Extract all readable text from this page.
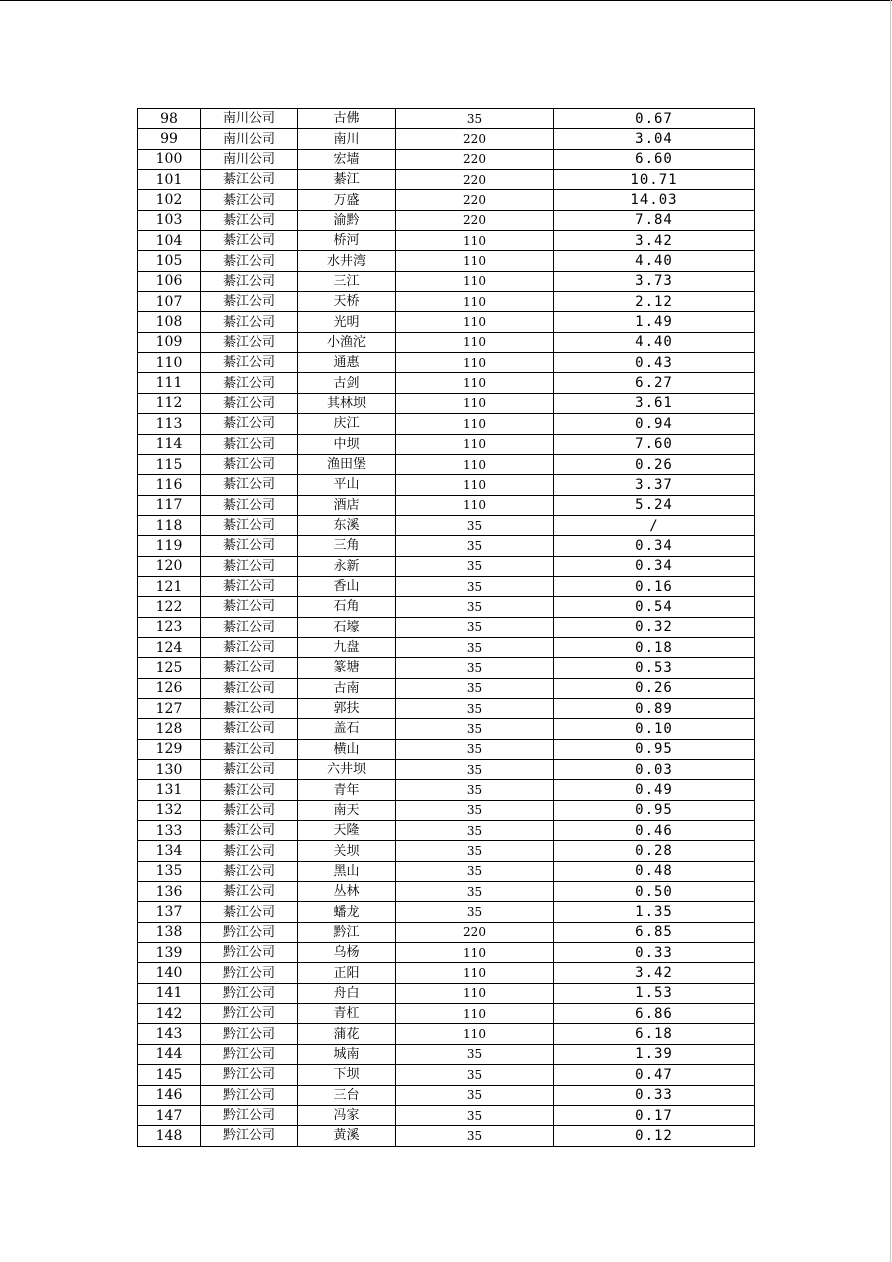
98	南川公司	古佛	35	0.67
99	南川公司	南川	220	3.04
100	南川公司	宏墙	220	6.60
101	綦江公司	綦江	220	10.71
102	綦江公司	万盛	220	14.03
103	綦江公司	渝黔	220	7.84
104	綦江公司	桥河	110	3.42
105	綦江公司	水井湾	110	4.40
106	綦江公司	三江	110	3.73
107	綦江公司	天桥	110	2.12
108	綦江公司	光明	110	1.49
109	綦江公司	小渔沱	110	4.40
110	綦江公司	通惠	110	0.43
111	綦江公司	古剑	110	6.27
112	綦江公司	其林坝	110	3.61
113	綦江公司	庆江	110	0.94
114	綦江公司	中坝	110	7.60
115	綦江公司	渔田堡	110	0.26
116	綦江公司	平山	110	3.37
117	綦江公司	酒店	110	5.24
118	綦江公司	东溪	35	/
119	綦江公司	三角	35	0.34
120	綦江公司	永新	35	0.34
121	綦江公司	香山	35	0.16
122	綦江公司	石角	35	0.54
123	綦江公司	石壕	35	0.32
124	綦江公司	九盘	35	0.18
125	綦江公司	篆塘	35	0.53
126	綦江公司	古南	35	0.26
127	綦江公司	郭扶	35	0.89
128	綦江公司	盖石	35	0.10
129	綦江公司	横山	35	0.95
130	綦江公司	六井坝	35	0.03
131	綦江公司	青年	35	0.49
132	綦江公司	南天	35	0.95
133	綦江公司	天隆	35	0.46
134	綦江公司	关坝	35	0.28
135	綦江公司	黑山	35	0.48
136	綦江公司	丛林	35	0.50
137	綦江公司	蟠龙	35	1.35
138	黔江公司	黔江	220	6.85
139	黔江公司	乌杨	110	0.33
140	黔江公司	正阳	110	3.42
141	黔江公司	舟白	110	1.53
142	黔江公司	青杠	110	6.86
143	黔江公司	蒲花	110	6.18
144	黔江公司	城南	35	1.39
145	黔江公司	下坝	35	0.47
146	黔江公司	三台	35	0.33
147	黔江公司	冯家	35	0.17
148	黔江公司	黄溪	35	0.12
